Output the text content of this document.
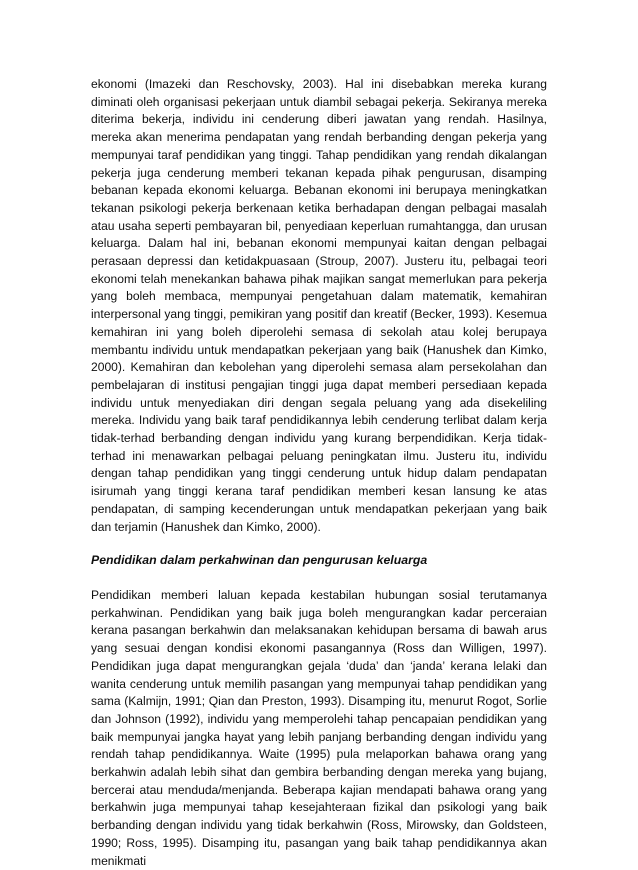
ekonomi (Imazeki dan Reschovsky, 2003). Hal ini disebabkan mereka kurang diminati oleh organisasi pekerjaan untuk diambil sebagai pekerja. Sekiranya mereka diterima bekerja, individu ini cenderung diberi jawatan yang rendah. Hasilnya, mereka akan menerima pendapatan yang rendah berbanding dengan pekerja yang mempunyai taraf pendidikan yang tinggi. Tahap pendidikan yang rendah dikalangan pekerja juga cenderung memberi tekanan kepada pihak pengurusan, disamping bebanan kepada ekonomi keluarga. Bebanan ekonomi ini berupaya meningkatkan tekanan psikologi pekerja berkenaan ketika berhadapan dengan pelbagai masalah atau usaha seperti pembayaran bil, penyediaan keperluan rumahtangga, dan urusan keluarga. Dalam hal ini, bebanan ekonomi mempunyai kaitan dengan pelbagai perasaan depressi dan ketidakpuasaan (Stroup, 2007). Justeru itu, pelbagai teori ekonomi telah menekankan bahawa pihak majikan sangat memerlukan para pekerja yang boleh membaca, mempunyai pengetahuan dalam matematik, kemahiran interpersonal yang tinggi, pemikiran yang positif dan kreatif (Becker, 1993). Kesemua kemahiran ini yang boleh diperolehi semasa di sekolah atau kolej berupaya membantu individu untuk mendapatkan pekerjaan yang baik (Hanushek dan Kimko, 2000). Kemahiran dan kebolehan yang diperolehi semasa alam persekolahan dan pembelajaran di institusi pengajian tinggi juga dapat memberi persediaan kepada individu untuk menyediakan diri dengan segala peluang yang ada disekeliling mereka. Individu yang baik taraf pendidikannya lebih cenderung terlibat dalam kerja tidak-terhad berbanding dengan individu yang kurang berpendidikan. Kerja tidak-terhad ini menawarkan pelbagai peluang peningkatan ilmu. Justeru itu, individu dengan tahap pendidikan yang tinggi cenderung untuk hidup dalam pendapatan isirumah yang tinggi kerana taraf pendidikan memberi kesan lansung ke atas pendapatan, di samping kecenderungan untuk mendapatkan pekerjaan yang baik dan terjamin (Hanushek dan Kimko, 2000).

Pendidikan dalam perkahwinan dan pengurusan keluarga

Pendidikan memberi laluan kepada kestabilan hubungan sosial terutamanya perkahwinan. Pendidikan yang baik juga boleh mengurangkan kadar perceraian kerana pasangan berkahwin dan melaksanakan kehidupan bersama di bawah arus yang sesuai dengan kondisi ekonomi pasangannya (Ross dan Willigen, 1997). Pendidikan juga dapat mengurangkan gejala ‘duda’ dan ‘janda’ kerana lelaki dan wanita cenderung untuk memilih pasangan yang mempunyai tahap pendidikan yang sama (Kalmijn, 1991; Qian dan Preston, 1993). Disamping itu, menurut Rogot, Sorlie dan Johnson (1992), individu yang memperolehi tahap pencapaian pendidikan yang baik mempunyai jangka hayat yang lebih panjang berbanding dengan individu yang rendah tahap pendidikannya. Waite (1995) pula melaporkan bahawa orang yang berkahwin adalah lebih sihat dan gembira berbanding dengan mereka yang bujang, bercerai atau menduda/menjanda. Beberapa kajian mendapati bahawa orang yang berkahwin juga mempunyai tahap kesejahteraan fizikal dan psikologi yang baik berbanding dengan individu yang tidak berkahwin (Ross, Mirowsky, dan Goldsteen, 1990; Ross, 1995). Disamping itu, pasangan yang baik tahap pendidikannya akan menikmati
